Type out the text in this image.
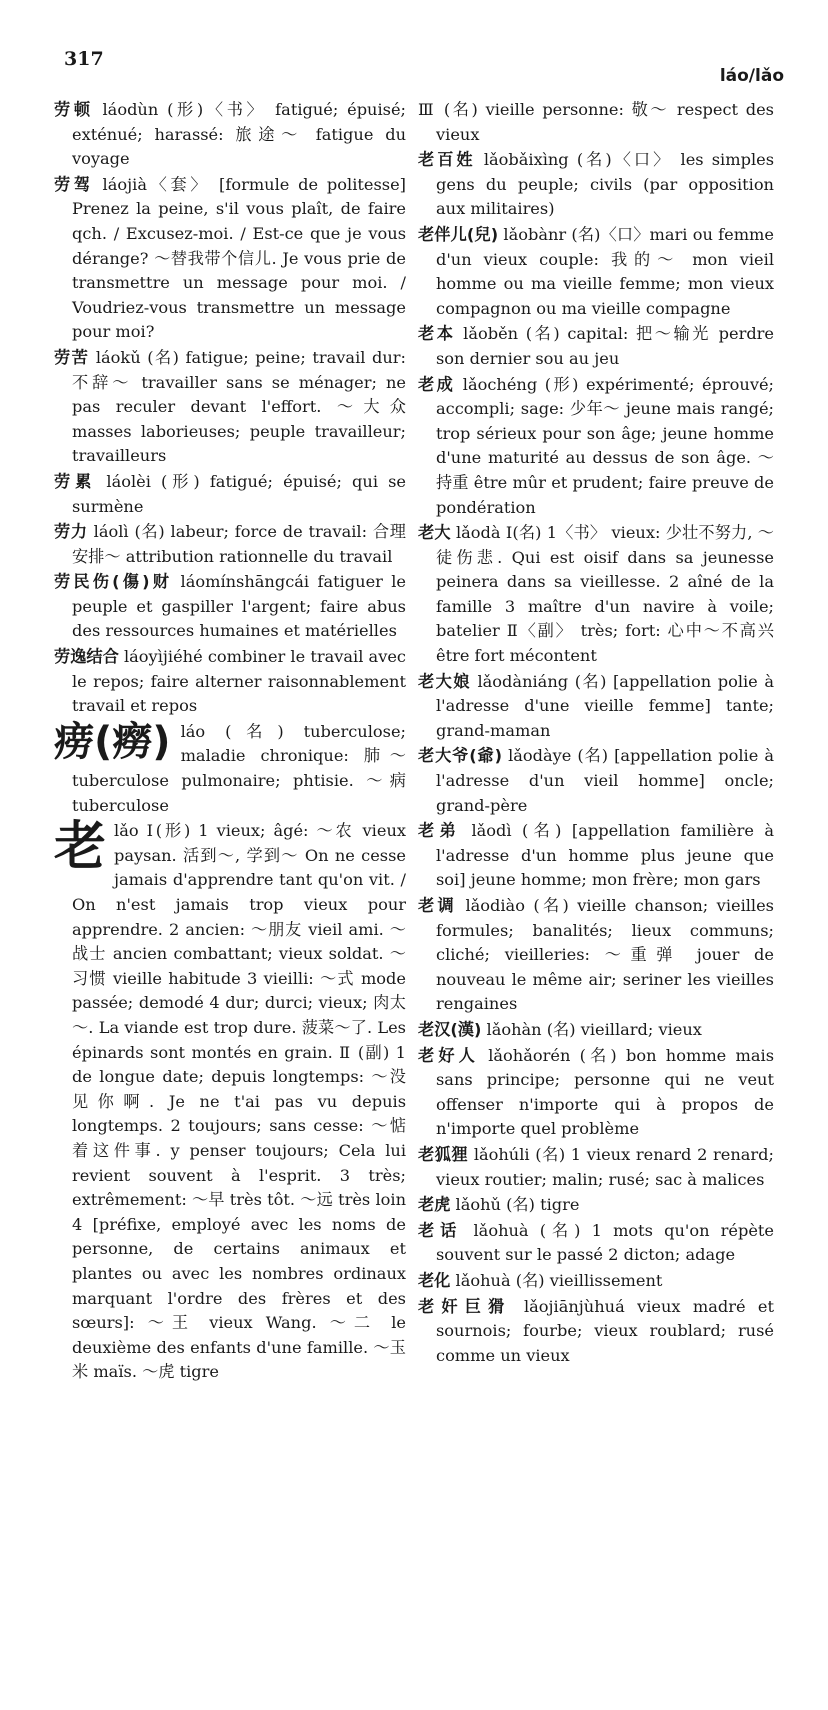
317
láo/lǎo

劳顿 láodùn (形)〈书〉 fatigué; épuisé; exténué; harassé: 旅途～ fatigue du voyage

劳驾 láojià〈套〉 [formule de politesse] Prenez la peine, s'il vous plaît, de faire qch. / Excusez-moi. / Est-ce que je vous dérange? ～替我带个信儿. Je vous prie de transmettre un message pour moi. / Voudriez-vous transmettre un message pour moi?

劳苦 láokǔ (名) fatigue; peine; travail dur: 不辞～ travailler sans se ménager; ne pas reculer devant l'effort. ～大众 masses laborieuses; peuple travailleur; travailleurs

劳累 láolèi (形) fatigué; épuisé; qui se surmène

劳力 láolì (名) labeur; force de travail: 合理安排～ attribution rationnelle du travail

劳民伤(傷)财 láomínshāngcái fatiguer le peuple et gaspiller l'argent; faire abus des ressources humaines et matérielles

劳逸结合 láoyìjiéhé combiner le travail avec le repos; faire alterner raisonnablement travail et repos

痨(癆) láo (名) tuberculose; maladie chronique: 肺～ tuberculose pulmonaire; phtisie. ～病 tuberculose

老lǎo Ⅰ(形) 1 vieux; âgé: ～农 vieux paysan. 活到～, 学到～ On ne cesse jamais d'apprendre tant qu'on vit. / On n'est jamais trop vieux pour apprendre. 2 ancien: ～朋友 vieil ami. ～战士 ancien combattant; vieux soldat. ～习惯 vieille habitude 3 vieilli: ～式 mode passée; demodé 4 dur; durci; vieux; 肉太～. La viande est trop dure. 菠菜～了. Les épinards sont montés en grain. Ⅱ (副) 1 de longue date; depuis longtemps: ～没见你啊. Je ne t'ai pas vu depuis longtemps. 2 toujours; sans cesse: ～惦着这件事. y penser toujours; Cela lui revient souvent à l'esprit. 3 très; extrêmement: ～早 très tôt. ～远 très loin 4 [préfixe, employé avec les noms de personne, de certains animaux et plantes ou avec les nombres ordinaux marquant l'ordre des frères et des sœurs]: ～王 vieux Wang. ～二 le deuxième des enfants d'une famille. ～玉米 maïs. ～虎 tigre

Ⅲ (名) vieille personne: 敬～ respect des vieux

老百姓 lǎobǎixìng (名)〈口〉 les simples gens du peuple; civils (par opposition aux militaires)

老伴儿(兒) lǎobànr (名)〈口〉mari ou femme d'un vieux couple: 我的～ mon vieil homme ou ma vieille femme; mon vieux compagnon ou ma vieille compagne

老本 lǎoběn (名) capital: 把～输光 perdre son dernier sou au jeu

老成 lǎochéng (形) expérimenté; éprouvé; accompli; sage: 少年～ jeune mais rangé; trop sérieux pour son âge; jeune homme d'une maturité au dessus de son âge. ～持重 être mûr et prudent; faire preuve de pondération

老大 lǎodà Ⅰ(名) 1〈书〉 vieux: 少壮不努力, ～徒伤悲. Qui est oisif dans sa jeunesse peinera dans sa vieillesse. 2 aîné de la famille 3 maître d'un navire à voile; batelier Ⅱ〈副〉 très; fort: 心中～不高兴 être fort mécontent

老大娘 lǎodàniáng (名) [appellation polie à l'adresse d'une vieille femme] tante; grand-maman

老大爷(爺) lǎodàye (名) [appellation polie à l'adresse d'un vieil homme] oncle; grand-père

老弟 lǎodì (名) [appellation familière à l'adresse d'un homme plus jeune que soi] jeune homme; mon frère; mon gars

老调 lǎodiào (名) vieille chanson; vieilles formules; banalités; lieux communs; cliché; vieilleries: ～重弹 jouer de nouveau le même air; seriner les vieilles rengaines

老汉(漢) lǎohàn (名) vieillard; vieux

老好人 lǎohǎorén (名) bon homme mais sans principe; personne qui ne veut offenser n'importe qui à propos de n'importe quel problème

老狐狸 lǎohúli (名) 1 vieux renard 2 renard; vieux routier; malin; rusé; sac à malices

老虎 lǎohǔ (名) tigre

老话 lǎohuà (名) 1 mots qu'on répète souvent sur le passé 2 dicton; adage

老化 lǎohuà (名) vieillissement

老奸巨猾 lǎojiānjùhuá vieux madré et sournois; fourbe; vieux roublard; rusé comme un vieux
